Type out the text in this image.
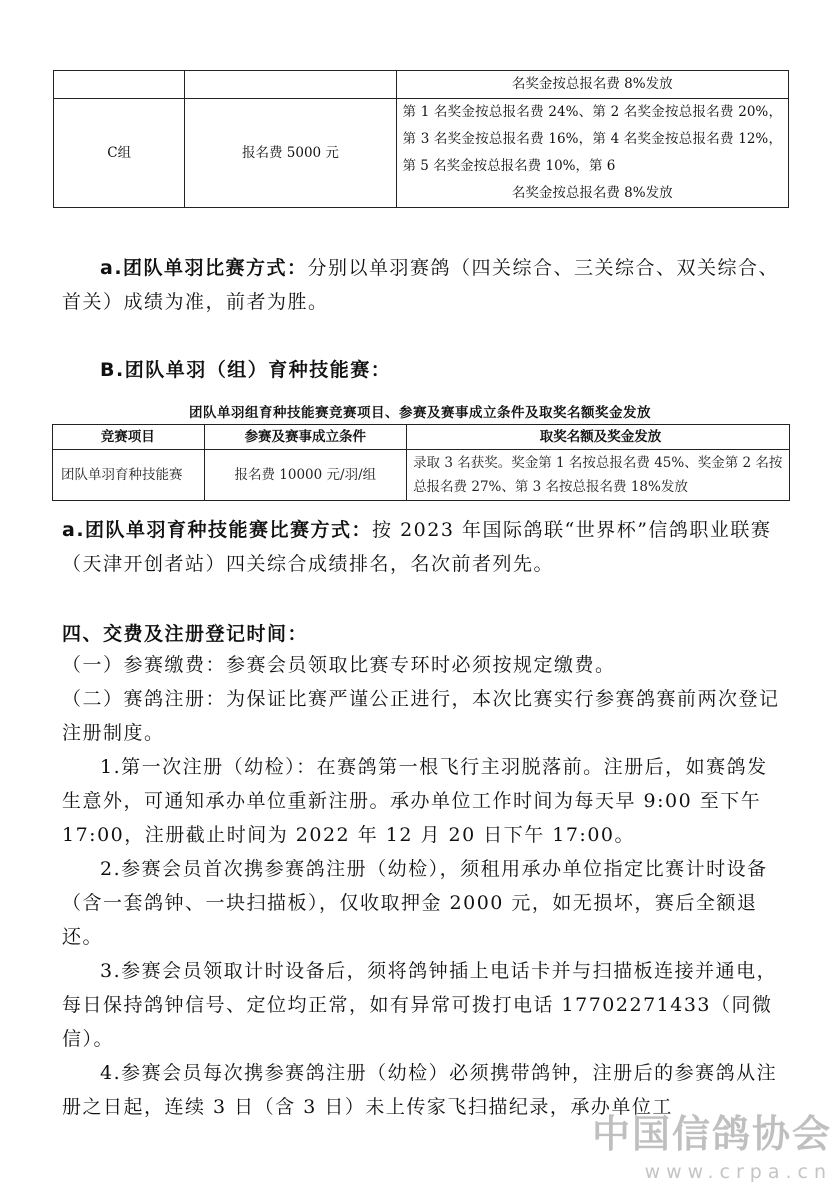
		名奖金按总报名费 8%发放

C组	报名费 5000 元	第 1 名奖金按总报名费 24%、第 2 名奖金按总报名费 20%，第 3 名奖金按总报名费 16%，第 4 名奖金按总报名费 12%，第 5 名奖金按总报名费 10%，第 6
名奖金按总报名费 8%发放
a.团队单羽比赛方式：分别以单羽赛鸽（四关综合、三关综合、双关综合、首关）成绩为准，前者为胜。
B.团队单羽（组）育种技能赛：
团队单羽组育种技能赛竞赛项目、参赛及赛事成立条件及取奖名额奖金发放
竞赛项目	参赛及赛事成立条件	取奖名额及奖金发放
团队单羽育种技能赛	报名费 10000 元/羽/组	录取 3 名获奖。奖金第 1 名按总报名费 45%、奖金第 2 名按总报名费 27%、第 3 名按总报名费 18%发放
a.团队单羽育种技能赛比赛方式：按 2023 年国际鸽联“世界杯”信鸽职业联赛（天津开创者站）四关综合成绩排名，名次前者列先。
四、交费及注册登记时间：
（一）参赛缴费：参赛会员领取比赛专环时必须按规定缴费。
（二）赛鸽注册：为保证比赛严谨公正进行，本次比赛实行参赛鸽赛前两次登记注册制度。
1.第一次注册（幼检）：在赛鸽第一根飞行主羽脱落前。注册后，如赛鸽发生意外，可通知承办单位重新注册。承办单位工作时间为每天早 9:00 至下午 17:00，注册截止时间为 2022 年 12 月 20 日下午 17:00。
2.参赛会员首次携参赛鸽注册（幼检），须租用承办单位指定比赛计时设备（含一套鸽钟、一块扫描板），仅收取押金 2000 元，如无损坏，赛后全额退还。
3.参赛会员领取计时设备后，须将鸽钟插上电话卡并与扫描板连接并通电，每日保持鸽钟信号、定位均正常，如有异常可拨打电话 17702271433（同微信）。
4.参赛会员每次携参赛鸽注册（幼检）必须携带鸽钟，注册后的参赛鸽从注册之日起，连续 3 日（含 3 日）未上传家飞扫描纪录，承办单位工
中国信鸽协会
www.crpa.cn
